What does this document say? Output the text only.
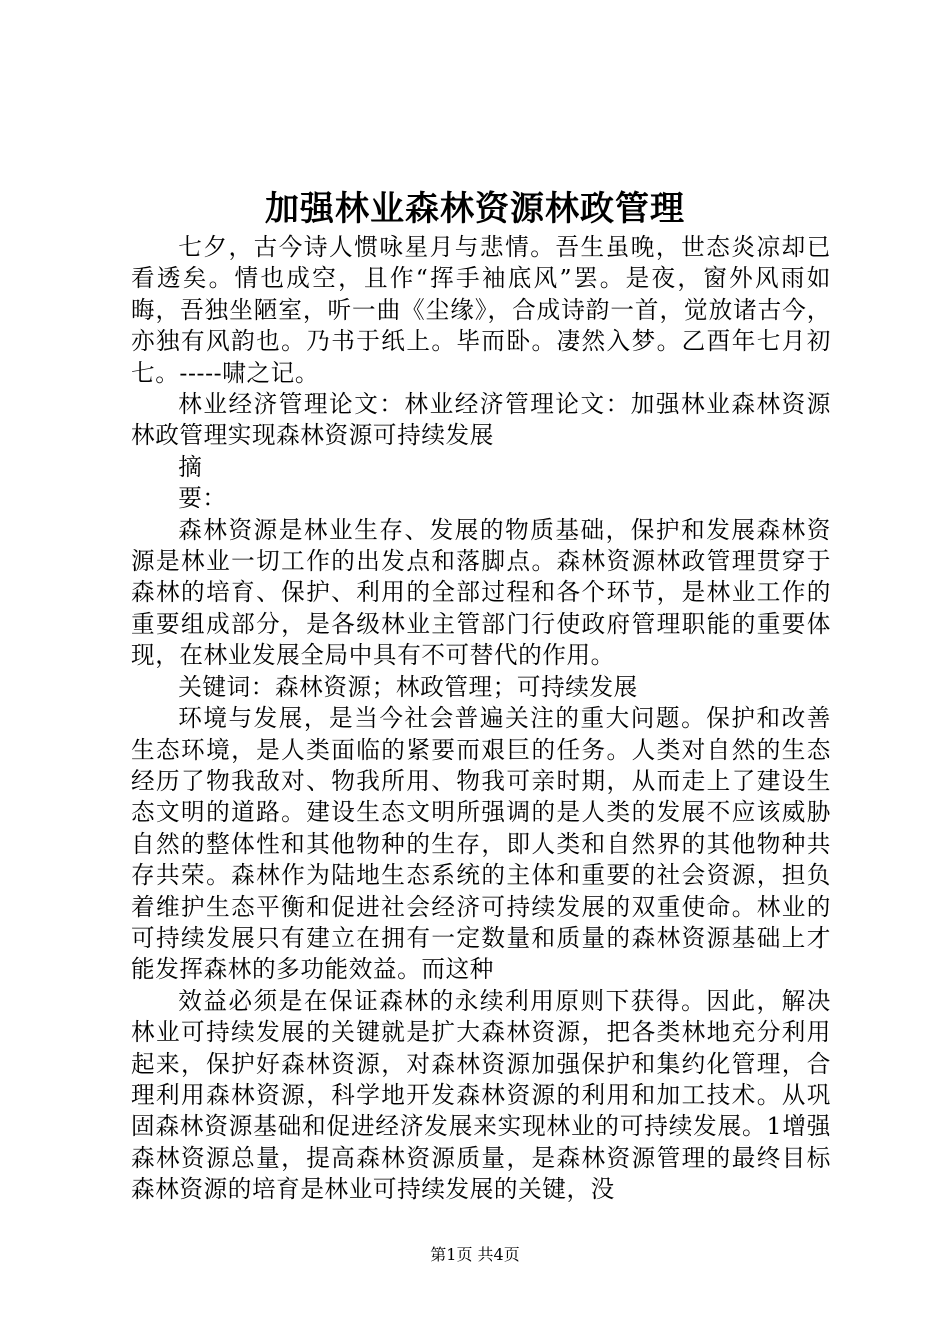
加强林业森林资源林政管理

七夕，古今诗人惯咏星月与悲情。吾生虽晚，世态炎凉却已看透矣。情也成空，且作“挥手袖底风”罢。是夜，窗外风雨如晦，吾独坐陋室，听一曲《尘缘》，合成诗韵一首，觉放诸古今，亦独有风韵也。乃书于纸上。毕而卧。凄然入梦。乙酉年七月初七。-----啸之记。

林业经济管理论文：林业经济管理论文：加强林业森林资源林政管理实现森林资源可持续发展

摘

要：

森林资源是林业生存、发展的物质基础，保护和发展森林资源是林业一切工作的出发点和落脚点。森林资源林政管理贯穿于森林的培育、保护、利用的全部过程和各个环节，是林业工作的重要组成部分，是各级林业主管部门行使政府管理职能的重要体现，在林业发展全局中具有不可替代的作用。

关键词：森林资源；林政管理；可持续发展

环境与发展，是当今社会普遍关注的重大问题。保护和改善生态环境，是人类面临的紧要而艰巨的任务。人类对自然的生态经历了物我敌对、物我所用、物我可亲时期，从而走上了建设生态文明的道路。建设生态文明所强调的是人类的发展不应该威胁自然的整体性和其他物种的生存，即人类和自然界的其他物种共存共荣。森林作为陆地生态系统的主体和重要的社会资源，担负着维护生态平衡和促进社会经济可持续发展的双重使命。林业的可持续发展只有建立在拥有一定数量和质量的森林资源基础上才能发挥森林的多功能效益。而这种

效益必须是在保证森林的永续利用原则下获得。因此，解决林业可持续发展的关键就是扩大森林资源，把各类林地充分利用起来，保护好森林资源，对森林资源加强保护和集约化管理，合理利用森林资源，科学地开发森林资源的利用和加工技术。从巩固森林资源基础和促进经济发展来实现林业的可持续发展。1增强森林资源总量，提高森林资源质量，是森林资源管理的最终目标森林资源的培育是林业可持续发展的关键，没

第1页 共4页
